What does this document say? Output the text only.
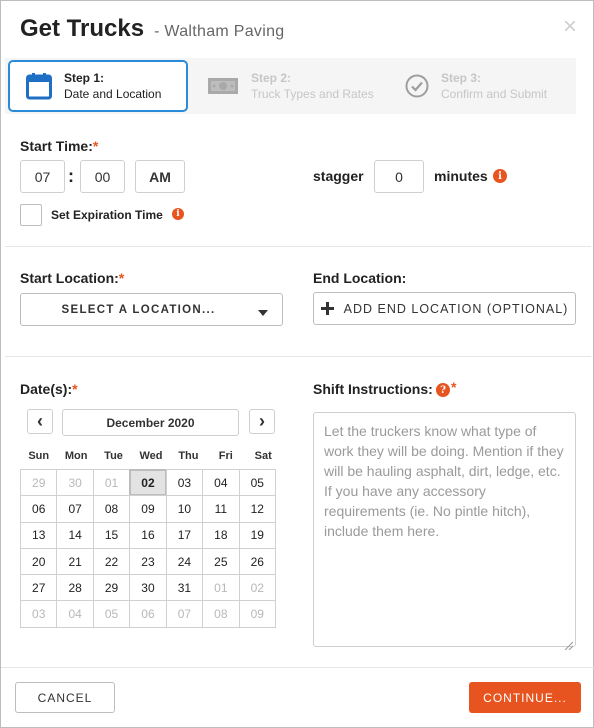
Get Trucks - Waltham Paving	×
Step 1:
Date and Location
Step 2:
Truck Types and Rates
Step 3:
Confirm and Submit
Start Time:*
07 :	00	AM	stagger	0	minutes	i
Set Expiration Time	i
Start Location:*
SELECT A LOCATION...
End Location:
ADD END LOCATION (OPTIONAL)
Date(s):*
‹	December 2020	›
Sun	Mon	Tue	Wed	Thu	Fri	Sat
29	30	01	02	03	04	05
06	07	08	09	10	11	12
13	14	15	16	17	18	19
20	21	22	23	24	25	26
27	28	29	30	31	01	02
03	04	05	06	07	08	09
Shift Instructions: ? *
Let the truckers know what type of work they will be doing. Mention if they will be hauling asphalt, dirt, ledge, etc. If you have any accessory requirements (ie. No pintle hitch), include them here.
CANCEL	CONTINUE...
